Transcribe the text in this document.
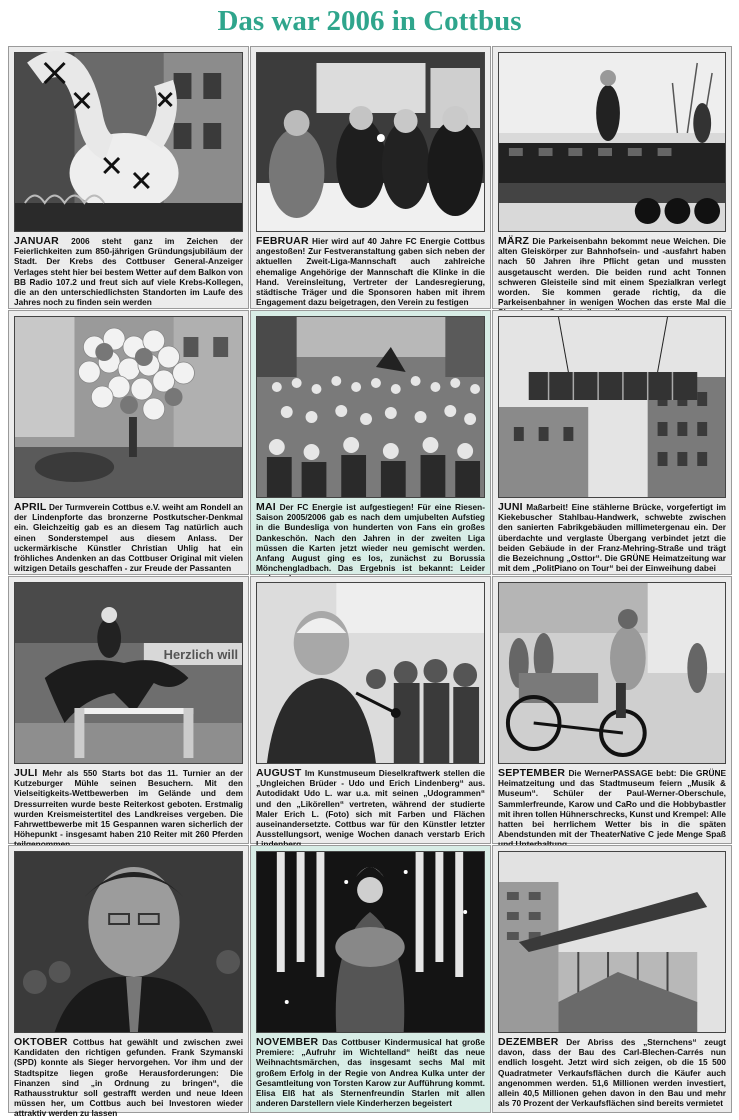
Das war 2006 in Cottbus
JANUAR 2006 steht ganz im Zeichen der Feierlichkeiten zum 850-jährigen Gründungsjubiläum der Stadt. Der Krebs des Cottbuser General-Anzeiger Verlages steht hier bei bestem Wetter auf dem Balkon von BB Radio 107.2 und freut sich auf viele Krebs-Kollegen, die an den unterschiedlichsten Standorten im Laufe des Jahres noch zu finden sein werden
FEBRUAR Hier wird auf 40 Jahre FC Energie Cottbus angestoßen! Zur Festveranstaltung gaben sich neben der aktuellen Zweit-Liga-Mannschaft auch zahlreiche ehemalige Angehörige der Mannschaft die Klinke in die Hand. Vereinsleitung, Vertreter der Landesregierung, städtische Träger und die Sponsoren haben mit ihrem Engagement dazu beigetragen, den Verein zu festigen
MÄRZ Die Parkeisenbahn bekommt neue Weichen. Die alten Gleiskörper zur Bahnhofsein- und -ausfahrt haben nach 50 Jahren ihre Pflicht getan und mussten ausgetauscht werden. Die beiden rund acht Tonnen schweren Gleisteile sind mit einem Spezialkran verlegt worden. Sie kommen gerade richtig, da die Parkeisenbahner in wenigen Wochen das erste Mal die
APRIL Der Turmverein Cottbus e.V. weiht am Rondell an der Lindenpforte das bronzerne Postkutscher-Denkmal ein. Gleichzeitig gab es an diesem Tag natürlich auch einen Sonderstempel aus diesem Anlass. Der uckermärkische Künstler Christian Uhlig hat ein fröhliches Andenken an das Cottbuser Original mit vielen witzigen Details geschaffen - zur Freude der Passanten
MAI Der FC Energie ist aufgestiegen! Für eine Riesen-Saison 2005/2006 gab es nach dem umjubelten Aufstieg in die Bundesliga von hunderten von Fans ein großes Dankeschön. Nach den Jahren in der zweiten Liga müssen die Karten jetzt wieder neu gemischt werden. Anfang August ging es los, zunächst zu Borussia Mönchengladbach. Das Ergebnis ist bekannt: Leider
JUNI Maßarbeit! Eine stählerne Brücke, vorgefertigt im Kiekebuscher Stahlbau-Handwerk, schwebte zwischen den sanierten Fabrikgebäuden millimetergenau ein. Der überdachte und verglaste Übergang verbindet jetzt die beiden Gebäude in der Franz-Mehring-Straße und trägt die Bezeichnung „Osttor“. Die GRÜNE Heimatzeitung war mit dem „PolitPiano on Tour“ bei der Einweihung dabei
Herzlich will
JULI Mehr als 550 Starts bot das 11. Turnier an der Kutzeburger Mühle seinen Besuchern. Mit den Vielseitigkeits-Wettbewerben im Gelände und dem Dressurreiten wurde beste Reiterkost geboten. Erstmalig wurden Kreismeistertitel des Landkreises vergeben. Die Fahrwettbewerbe mit 15 Gespannen waren sicherlich der Höhepunkt - insgesamt haben 210 Reiter mit 260 Pferden
AUGUST Im Kunstmuseum Dieselkraftwerk stellen die „Ungleichen Brüder - Udo und Erich Lindenberg“ aus. Autodidakt Udo L. war u.a. mit seinen „Udogrammen“ und den „Likörellen“ vertreten, während der studierte Maler Erich L. (Foto) sich mit Farben und Flächen auseinandersetzte. Cottbus war für den Künstler letzter Ausstellungsort, wenige Wochen danach verstarb Erich
SEPTEMBER Die WernerPASSAGE bebt: Die GRÜNE Heimatzeitung und das Stadtmuseum feiern „Musik & Museum“. Schüler der Paul-Werner-Oberschule, Sammlerfreunde, Karow und CaRo und die Hobbybastler mit ihren tollen Hühnerschrecks, Kunst und Krempel: Alle hatten bei herrlichem Wetter bis in die späten Abendstunden mit der TheaterNative C jede Menge Spaß
OKTOBER Cottbus hat gewählt und zwischen zwei Kandidaten den richtigen gefunden. Frank Szymanski (SPD) konnte als Sieger hervorgehen. Vor ihm und der Stadtspitze liegen große Herausforderungen: Die Finanzen sind „in Ordnung zu bringen“, die Rathausstruktur soll gestrafft werden und neue Ideen müssen her, um Cottbus auch bei Investoren wieder attraktiv werden zu lassen
NOVEMBER Das Cottbuser Kindermusical hat große Premiere: „Aufruhr im Wichtelland“ heißt das neue Weihnachtsmärchen, das insgesamt sechs Mal mit großem Erfolg in der Regie von Andrea Kulka unter der Gesamtleitung von Torsten Karow zur Aufführung kommt. Elisa Elß hat als Sternenfreundin Starlen mit allen anderen Darstellern viele Kinderherzen begeistert
DEZEMBER Der Abriss des „Sternchens“ zeugt davon, dass der Bau des Carl-Blechen-Carrés nun endlich losgeht. Jetzt wird sich zeigen, ob die 15 500 Quadratmeter Verkaufsflächen durch die Käufer auch angenommen werden. 51,6 Millionen werden investiert, allein 40,5 Millionen gehen davon in den Bau und mehr als 70 Prozent der Verkaufsflächen sind bereits vermietet
